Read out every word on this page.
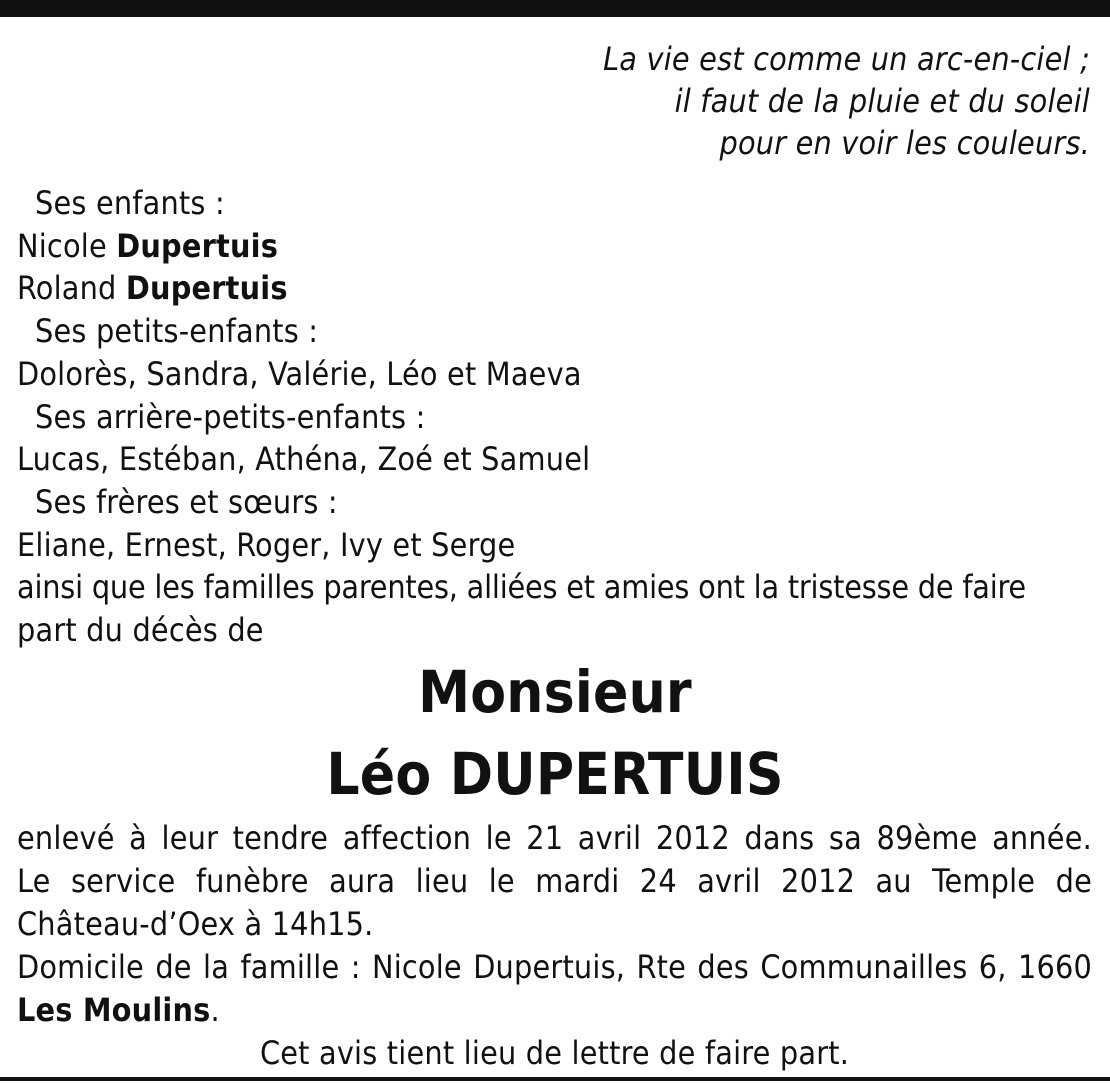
La vie est comme un arc-en-ciel ;
il faut de la pluie et du soleil
pour en voir les couleurs.
Ses enfants :
Nicole Dupertuis
Roland Dupertuis
Ses petits-enfants :
Dolorès, Sandra, Valérie, Léo et Maeva
Ses arrière-petits-enfants :
Lucas, Estéban, Athéna, Zoé et Samuel
Ses frères et sœurs :
Eliane, Ernest, Roger, Ivy et Serge
ainsi que les familles parentes, alliées et amies ont la tristesse de faire
part du décès de
Monsieur
Léo DUPERTUIS
enlevé à leur tendre affection le 21 avril 2012 dans sa 89ème année.
Le service funèbre aura lieu le mardi 24 avril 2012 au Temple de
Château-d’Oex à 14h15.
Domicile de la famille : Nicole Dupertuis, Rte des Communailles 6, 1660
Les Moulins.
Cet avis tient lieu de lettre de faire part.
